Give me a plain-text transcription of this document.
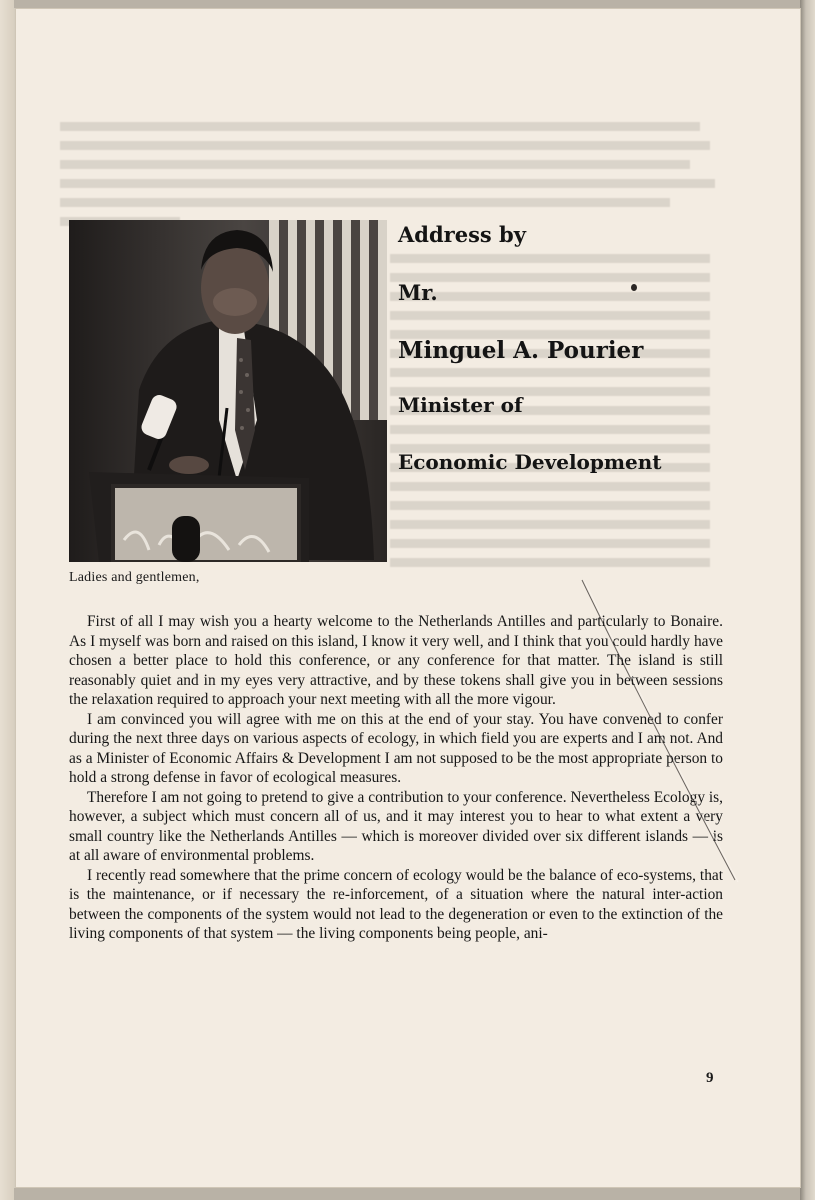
Address by
Mr.
Minguel A. Pourier
Minister of
Economic Development
Ladies and gentlemen,

First of all I may wish you a hearty welcome to the Netherlands Antilles and particularly to Bonaire. As I myself was born and raised on this island, I know it very well, and I think that you could hardly have chosen a better place to hold this conference, or any conference for that matter. The island is still reasonably quiet and in my eyes very attractive, and by these tokens shall give you in between sessions the relaxation required to approach your next meeting with all the more vigour.

I am convinced you will agree with me on this at the end of your stay. You have convened to confer during the next three days on various aspects of ecology, in which field you are experts and I am not. And as a Minister of Economic Affairs & Development I am not supposed to be the most appropriate person to hold a strong defense in favor of ecological measures.

Therefore I am not going to pretend to give a contribution to your conference. Nevertheless Ecology is, however, a subject which must concern all of us, and it may interest you to hear to what extent a very small country like the Netherlands Antilles — which is moreover divided over six different islands — is at all aware of environmental problems.

I recently read somewhere that the prime concern of ecology would be the balance of eco-systems, that is the maintenance, or if necessary the re-inforcement, of a situation where the natural inter-action between the components of the system would not lead to the degeneration or even to the extinction of the living components of that system — the living components being people, ani-

9
